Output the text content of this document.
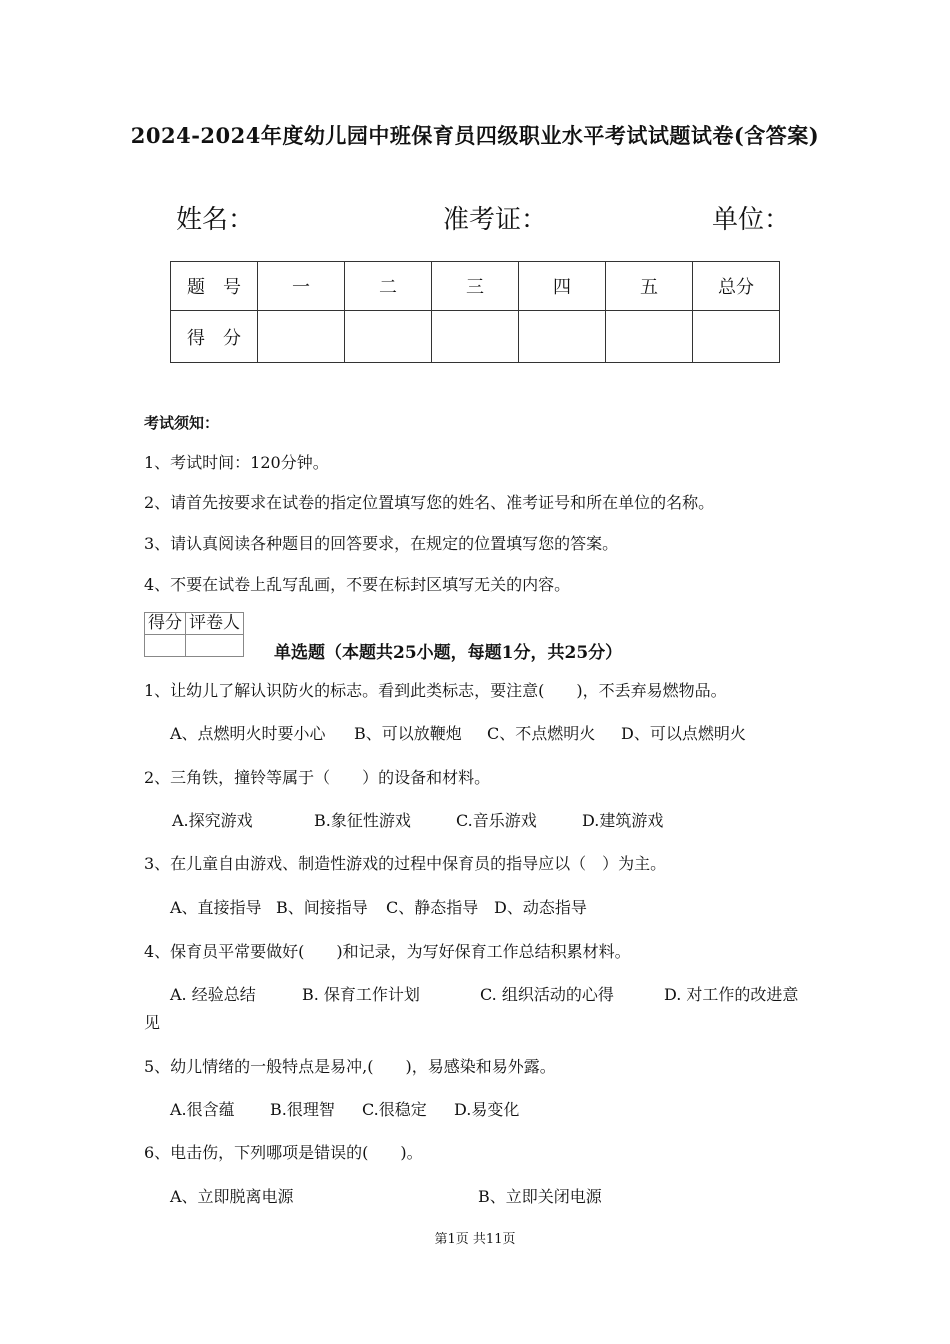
2024-2024年度幼儿园中班保育员四级职业水平考试试题试卷(含答案)
姓名：	准考证：	单位：
题　号	一	二	三	四	五	总分
得　分						
考试须知：
1、考试时间：120分钟。
2、请首先按要求在试卷的指定位置填写您的姓名、准考证号和所在单位的名称。
3、请认真阅读各种题目的回答要求，在规定的位置填写您的答案。
4、不要在试卷上乱写乱画，不要在标封区填写无关的内容。
得分	评卷人

单选题（本题共25小题，每题1分，共25分）
1、让幼儿了解认识防火的标志。看到此类标志，要注意(　　)，不丢弃易燃物品。
A、点燃明火时要小心 B、可以放鞭炮 C、不点燃明火 D、可以点燃明火
2、三角铁，撞铃等属于（　　）的设备和材料。
A.探究游戏	B.象征性游戏	C.音乐游戏	D.建筑游戏
3、在儿童自由游戏、制造性游戏的过程中保育员的指导应以（　）为主。
A、直接指导 B、间接指导 C、静态指导 D、动态指导
4、保育员平常要做好(　　)和记录，为写好保育工作总结积累材料。
A. 经验总结	B. 保育工作计划	C. 组织活动的心得	D. 对工作的改进意
见
5、幼儿情绪的一般特点是易冲,(　　)，易感染和易外露。
A.很含蕴 B.很理智 C.很稳定 D.易变化
6、电击伤，下列哪项是错误的(　　)。
A、立即脱离电源	B、立即关闭电源
第1页 共11页
